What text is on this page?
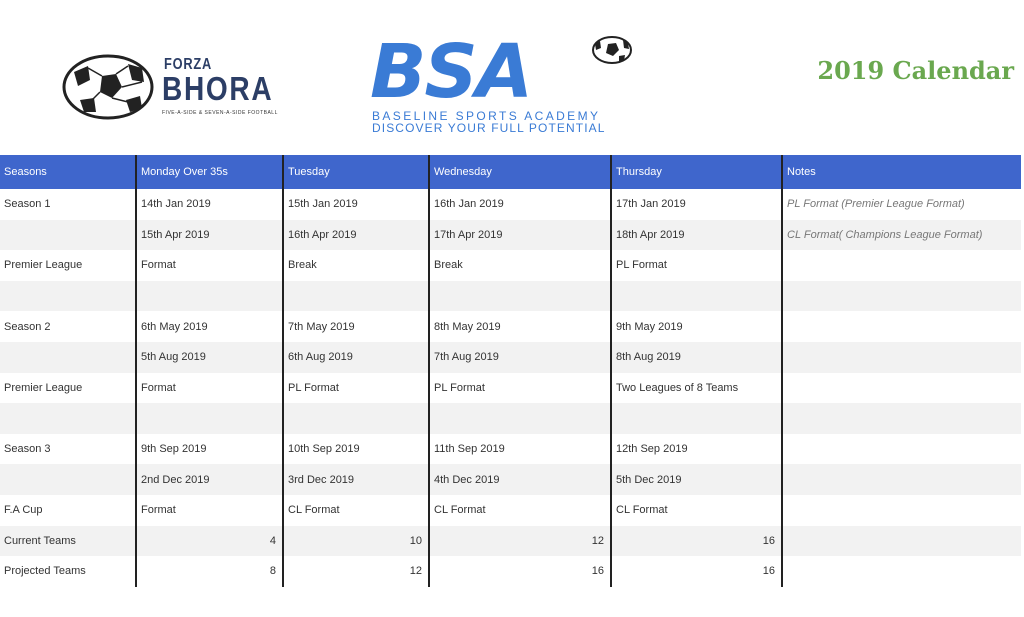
FORZA
BHORA
FIVE-A-SIDE & SEVEN-A-SIDE FOOTBALL BSA
BASELINE SPORTS ACADEMY
DISCOVER YOUR FULL POTENTIAL
2019 Calendar
Seasons	Monday Over 35s	Tuesday	Wednesday	Thursday	Notes
Season 1	14th Jan 2019	15th Jan 2019	16th Jan 2019	17th Jan 2019	PL Format (Premier League Format)
	15th Apr 2019	16th Apr 2019	17th Apr 2019	18th Apr 2019	CL Format( Champions League Format)
Premier League	Format	Break	Break	PL Format	

Season 2	6th May 2019	7th May 2019	8th May 2019	9th May 2019	
	5th Aug 2019	6th Aug 2019	7th Aug 2019	8th Aug 2019	
Premier League	Format	PL Format	PL Format	Two Leagues of 8 Teams	

Season 3	9th Sep 2019	10th Sep 2019	11th Sep 2019	12th Sep 2019	
	2nd Dec 2019	3rd Dec 2019	4th Dec 2019	5th Dec 2019	
F.A Cup	Format	CL Format	CL Format	CL Format	
Current Teams	4	10	12	16	
Projected Teams	8	12	16	16	
